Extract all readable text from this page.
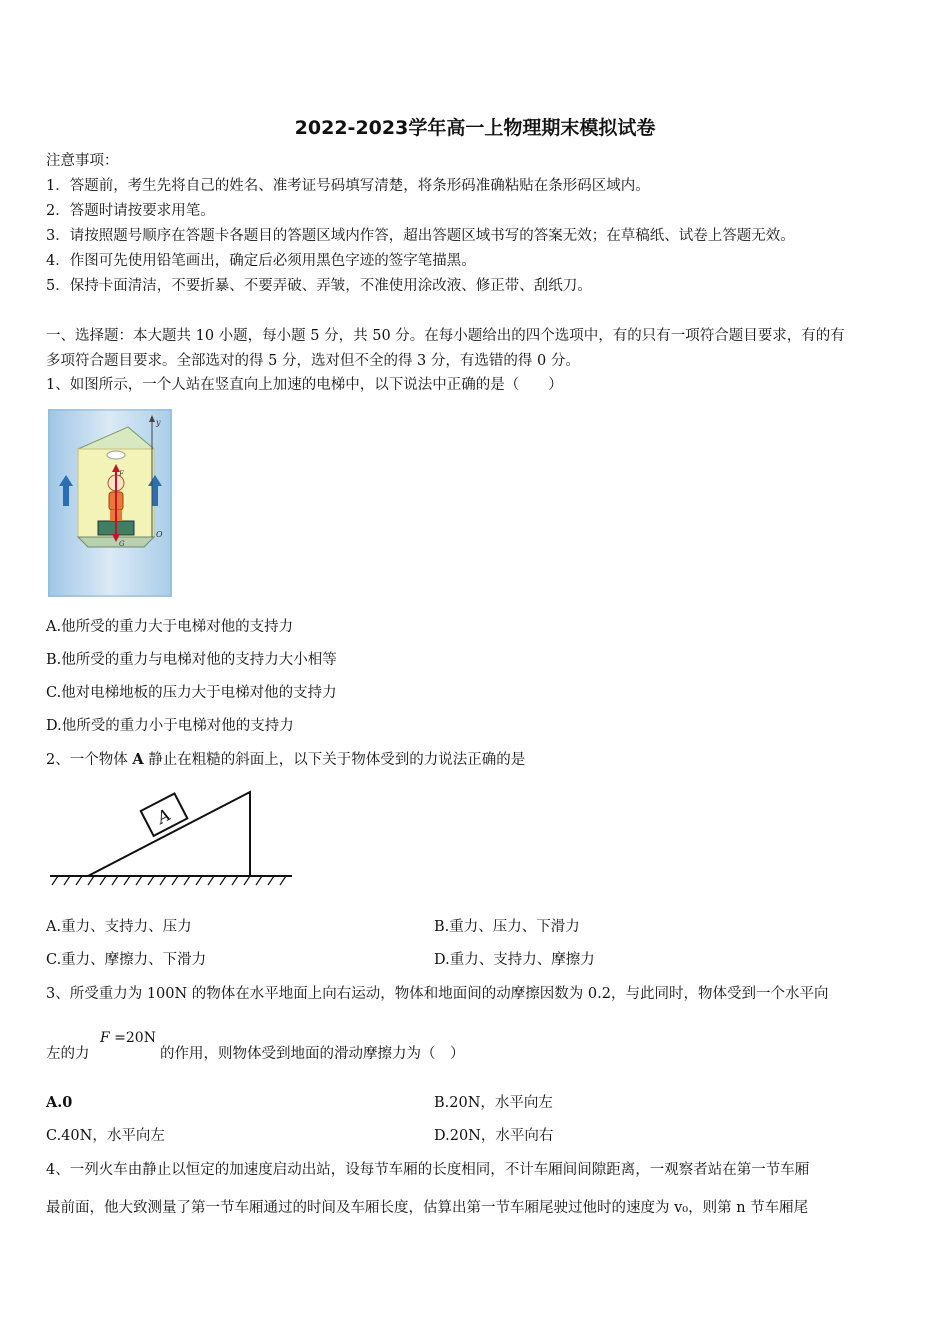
2022-2023学年高一上物理期末模拟试卷
注意事项：
1．答题前，考生先将自己的姓名、准考证号码填写清楚，将条形码准确粘贴在条形码区域内。
2．答题时请按要求用笔。
3．请按照题号顺序在答题卡各题目的答题区域内作答，超出答题区域书写的答案无效；在草稿纸、试卷上答题无效。
4．作图可先使用铅笔画出，确定后必须用黑色字迹的签字笔描黑。
5．保持卡面清洁，不要折暴、不要弄破、弄皱，不准使用涂改液、修正带、刮纸刀。
一、选择题：本大题共 10 小题，每小题 5 分，共 50 分。在每小题给出的四个选项中，有的只有一项符合题目要求，有的有
多项符合题目要求。全部选对的得 5 分，选对但不全的得 3 分，有选错的得 0 分。
1、如图所示，一个人站在竖直向上加速的电梯中，以下说法中正确的是（　　）
y
O
F
G
A.他所受的重力大于电梯对他的支持力
B.他所受的重力与电梯对他的支持力大小相等
C.他对电梯地板的压力大于电梯对他的支持力
D.他所受的重力小于电梯对他的支持力
2、一个物体 A 静止在粗糙的斜面上，以下关于物体受到的力说法正确的是
A
A.重力、支持力、压力	B.重力、压力、下滑力
C.重力、摩擦力、下滑力	D.重力、支持力、摩擦力
3、所受重力为 100N 的物体在水平地面上向右运动，物体和地面间的动摩擦因数为 0.2，与此同时，物体受到一个水平向
左的力
F =20N
的作用，则物体受到地面的滑动摩擦力为（　）
A.0	B.20N，水平向左
C.40N，水平向左	D.20N，水平向右
4、一列火车由静止以恒定的加速度启动出站，设每节车厢的长度相同，不计车厢间间隙距离，一观察者站在第一节车厢
最前面，他大致测量了第一节车厢通过的时间及车厢长度，估算出第一节车厢尾驶过他时的速度为 v₀，则第 n 节车厢尾
